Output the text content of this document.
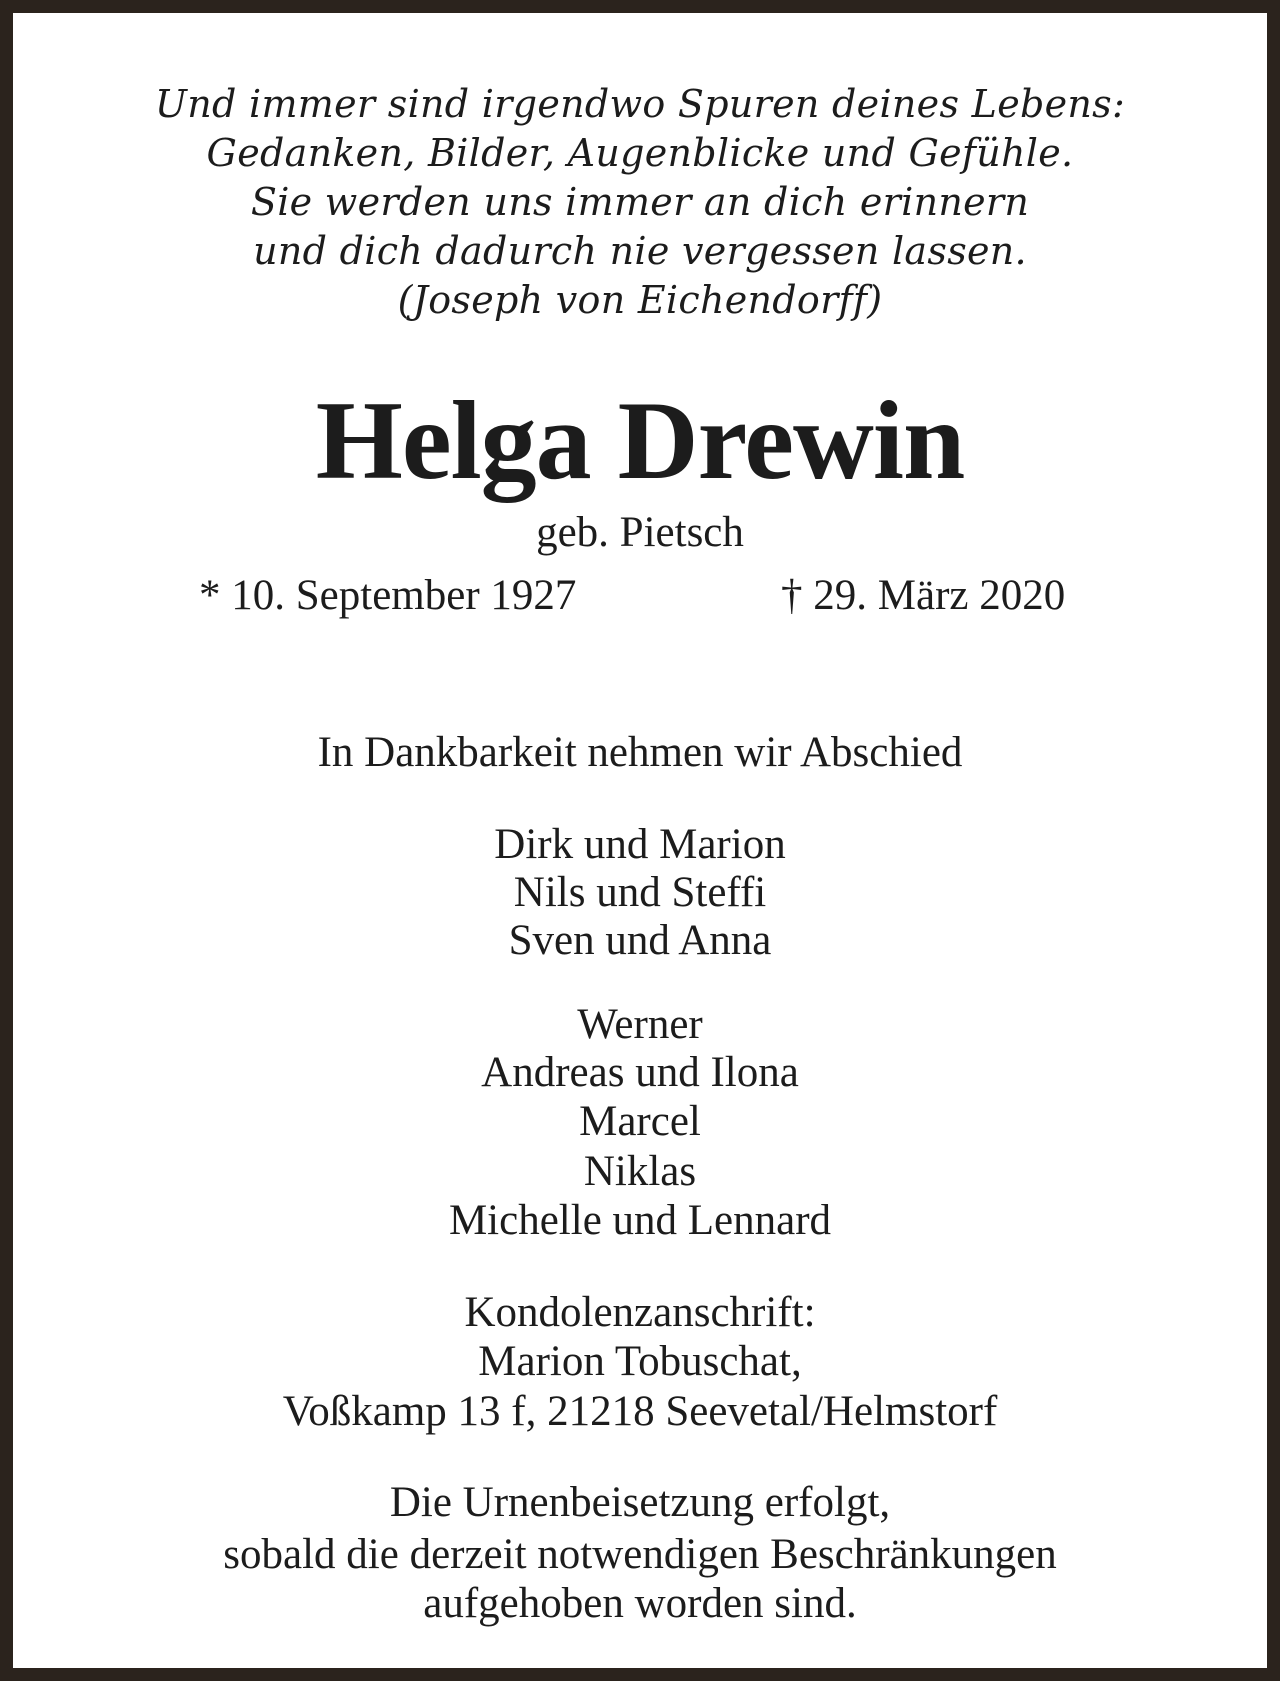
Und immer sind irgendwo Spuren deines Lebens:
Gedanken, Bilder, Augenblicke und Gefühle.
Sie werden uns immer an dich erinnern
und dich dadurch nie vergessen lassen.
(Joseph von Eichendorff)
Helga Drewin
geb. Pietsch
* 10. September 1927	† 29. März 2020
In Dankbarkeit nehmen wir Abschied
Dirk und Marion
Nils und Steffi
Sven und Anna
Werner
Andreas und Ilona
Marcel
Niklas
Michelle und Lennard
Kondolenzanschrift:
Marion Tobuschat,
Voßkamp 13 f, 21218 Seevetal/Helmstorf
Die Urnenbeisetzung erfolgt,
sobald die derzeit notwendigen Beschränkungen
aufgehoben worden sind.
